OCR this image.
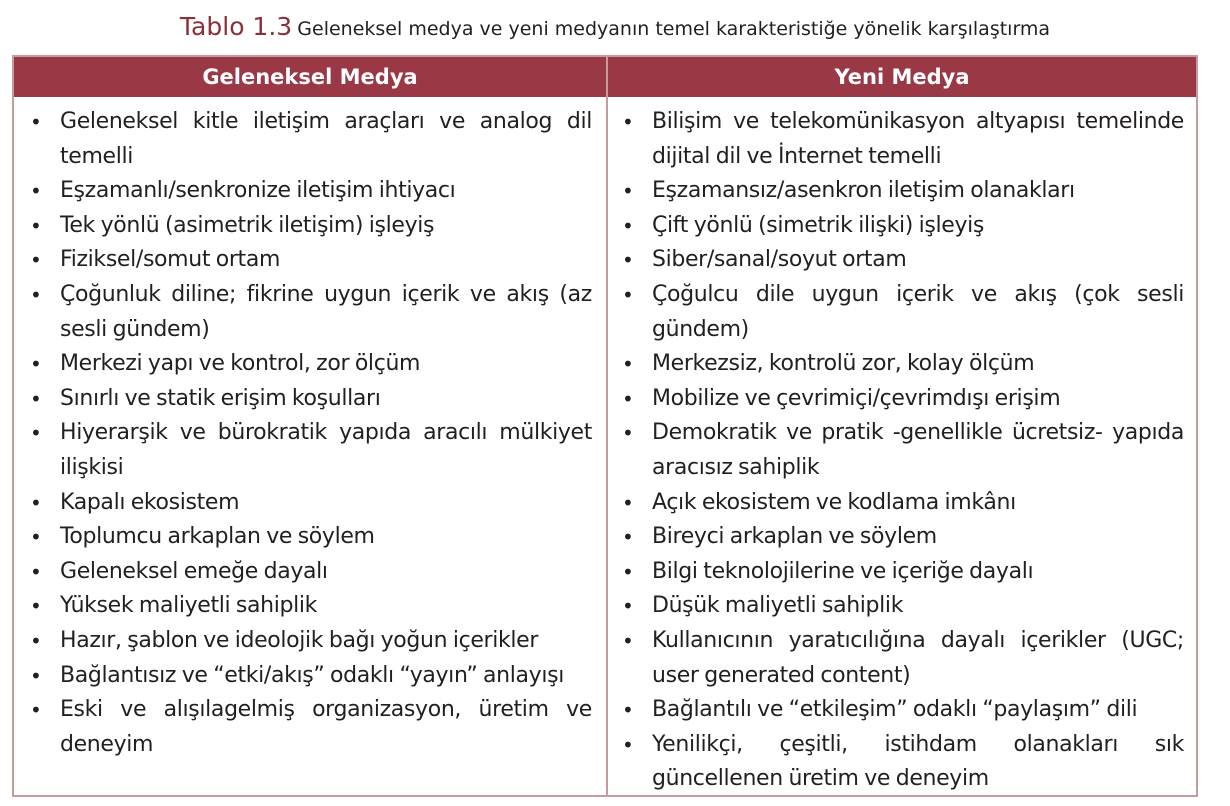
Tablo 1.3 Geleneksel medya ve yeni medyanın temel karakteristiğe yönelik karşılaştırma
Geleneksel Medya	Yeni Medya
• Geleneksel kitle iletişim araçları ve analog dil temelli
• Eşzamanlı/senkronize iletişim ihtiyacı
• Tek yönlü (asimetrik iletişim) işleyiş
• Fiziksel/somut ortam
• Çoğunluk diline; fikrine uygun içerik ve akış (az sesli gündem)
• Merkezi yapı ve kontrol, zor ölçüm
• Sınırlı ve statik erişim koşulları
• Hiyerarşik ve bürokratik yapıda aracılı mülkiyet ilişkisi
• Kapalı ekosistem
• Toplumcu arkaplan ve söylem
• Geleneksel emeğe dayalı
• Yüksek maliyetli sahiplik
• Hazır, şablon ve ideolojik bağı yoğun içerikler
• Bağlantısız ve “etki/akış” odaklı “yayın” anlayışı
• Eski ve alışılagelmiş organizasyon, üretim ve deneyim
• Bilişim ve telekomünikasyon altyapısı temelinde dijital dil ve İnternet temelli
• Eşzamansız/asenkron iletişim olanakları
• Çift yönlü (simetrik ilişki) işleyiş
• Siber/sanal/soyut ortam
• Çoğulcu dile uygun içerik ve akış (çok sesli gündem)
• Merkezsiz, kontrolü zor, kolay ölçüm
• Mobilize ve çevrimiçi/çevrimdışı erişim
• Demokratik ve pratik -genellikle ücretsiz- yapıda aracısız sahiplik
• Açık ekosistem ve kodlama imkânı
• Bireyci arkaplan ve söylem
• Bilgi teknolojilerine ve içeriğe dayalı
• Düşük maliyetli sahiplik
• Kullanıcının yaratıcılığına dayalı içerikler (UGC; user generated content)
• Bağlantılı ve “etkileşim” odaklı “paylaşım” dili
• Yenilikçi, çeşitli, istihdam olanakları sık güncellenen üretim ve deneyim
